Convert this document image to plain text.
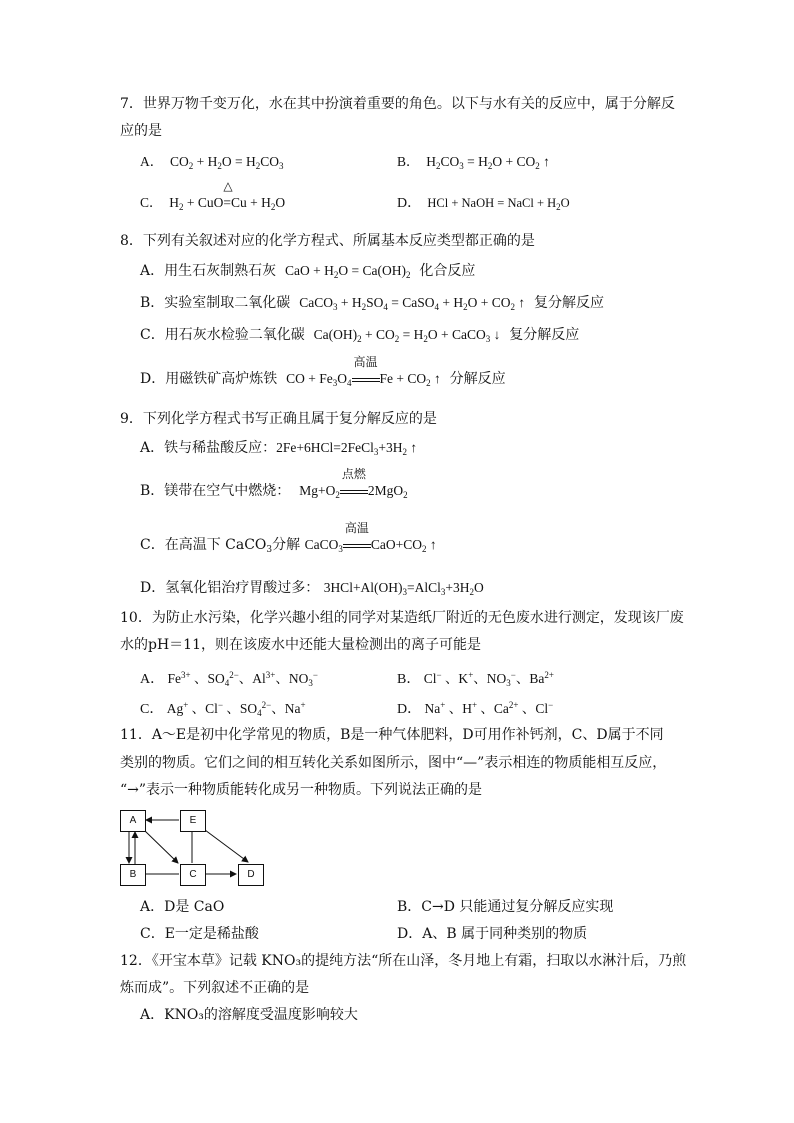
7．世界万物千变万化，水在其中扮演着重要的角色。以下与水有关的反应中，属于分解反
应的是
A．  $CO_2 + H_2O = H_2CO_3$	B．  $H_2CO_3 = H_2O + CO_2$ ↑
C．  $H_2$ + CuO
△
$=Cu + H_2O$	D． HCl + NaOH = NaCl + $H_2O$
8．下列有关叙述对应的化学方程式、所属基本反应类型都正确的是
A．用生石灰制熟石灰 CaO + $H_2O = Ca(OH)_2$ 化合反应
B．实验室制取二氧化碳 CaCO$_3$ + $H_2SO_4$ = CaSO$_4$ + $H_2O + CO_2$ ↑ 复分解反应
C．用石灰水检验二氧化碳 $Ca(OH)_2 + CO_2 = H_2O$ + CaCO$_3$ ↓ 复分解反应
D．用磁铁矿高炉炼铁 CO + $Fe_3O_4$
高温
$Fe + CO_2$ ↑ 分解反应
9．下列化学方程式书写正确且属于复分解反应的是
A．铁与稀盐酸反应：$2Fe+6HCl=2FeCl_3+3H_2$ ↑
B．镁带在空气中燃烧： $Mg+O_2$
点燃
2MgO$_2$
C．在高温下 CaCO$_3$分解 CaCO$_3$
高温
$CaO+CO_2$ ↑
D．氢氧化铝治疗胃酸过多： $3HCl+Al(OH)_3=AlCl_3+3H_2O$
10．为防止水污染，化学兴趣小组的同学对某造纸厂附近的无色废水进行测定，发现该厂废
水的pH＝11，则在该废水中还能大量检测出的离子可能是
A． $Fe^{3+}$ 、$SO_4^{2-}$、$Al^{3+}$、$NO_3^-$	B． Cl− 、K+、$NO_3^-$、$Ba^{2+}$
C． Ag+ 、Cl− 、$SO_4^{2-}$、Na+	D． Na+ 、H+ 、$Ca^{2+}$ 、Cl−
11．A～E是初中化学常见的物质，B是一种气体肥料，D可用作补钙剂，C、D属于不同
类别的物质。它们之间的相互转化关系如图所示，图中“—”表示相连的物质能相互反应，
“→”表示一种物质能转化成另一种物质。下列说法正确的是
A	E
B	C	D
A．D是 CaO	B．C→D 只能通过复分解反应实现
C．E一定是稀盐酸	D．A、B 属于同种类别的物质
12．《开宝本草》记载 KNO₃的提纯方法“所在山泽，冬月地上有霜，扫取以水淋汁后，乃煎
炼而成”。下列叙述不正确的是
A．KNO₃的溶解度受温度影响较大
